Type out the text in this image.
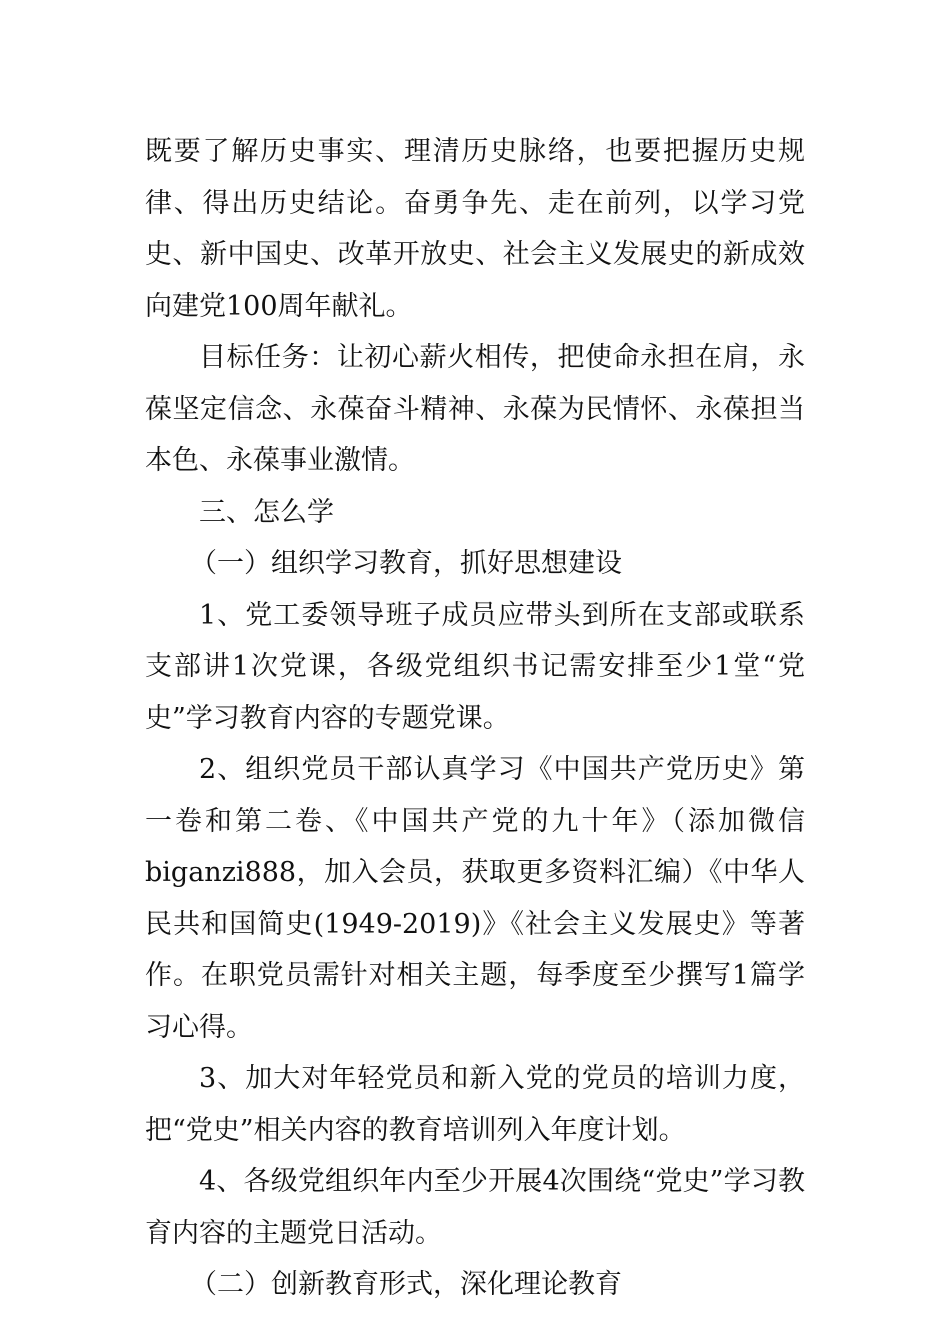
既要了解历史事实、理清历史脉络，也要把握历史规律、得出历史结论。奋勇争先、走在前列，以学习党史、新中国史、改革开放史、社会主义发展史的新成效向建党100周年献礼。

目标任务：让初心薪火相传，把使命永担在肩，永葆坚定信念、永葆奋斗精神、永葆为民情怀、永葆担当本色、永葆事业激情。

三、怎么学

（一）组织学习教育，抓好思想建设

1、党工委领导班子成员应带头到所在支部或联系支部讲1次党课，各级党组织书记需安排至少1堂“党史”学习教育内容的专题党课。

2、组织党员干部认真学习《中国共产党历史》第一卷和第二卷、《中国共产党的九十年》（添加微信biganzi888，加入会员，获取更多资料汇编）《中华人民共和国简史(1949-2019)》《社会主义发展史》等著作。在职党员需针对相关主题，每季度至少撰写1篇学习心得。

3、加大对年轻党员和新入党的党员的培训力度，把“党史”相关内容的教育培训列入年度计划。

4、各级党组织年内至少开展4次围绕“党史”学习教育内容的主题党日活动。

（二）创新教育形式，深化理论教育
